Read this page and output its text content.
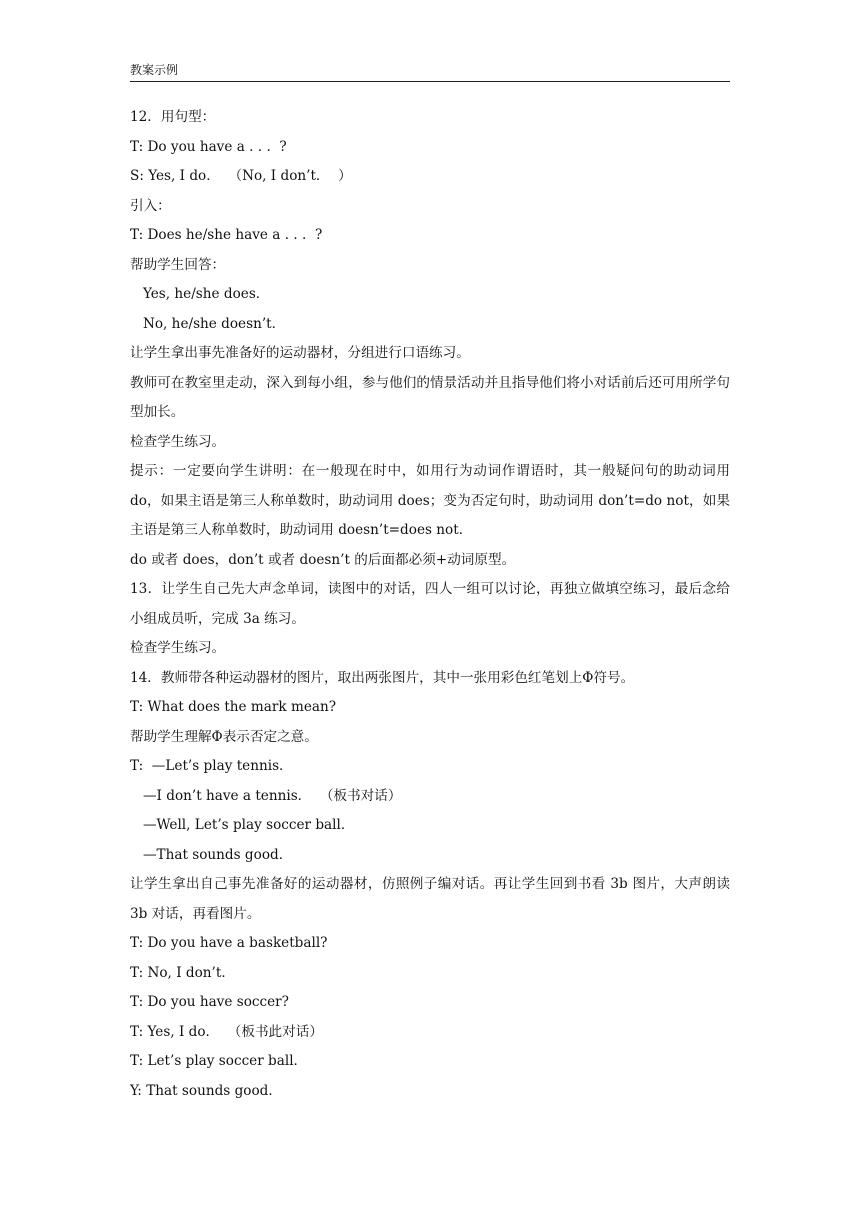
教案示例
12．用句型：
T: Do you have a . . .  ?
S: Yes, I do．  （No, I don’t．  ）
引入：
T: Does he/she have a . . .  ?
帮助学生回答：
Yes, he/she does．
No, he/she doesn’t．
让学生拿出事先准备好的运动器材，分组进行口语练习。
教师可在教室里走动，深入到每小组，参与他们的情景活动并且指导他们将小对话前后还可用所学句型加长。
检查学生练习。
提示：一定要向学生讲明：在一般现在时中，如用行为动词作谓语时，其一般疑问句的助动词用 do，如果主语是第三人称单数时，助动词用 does；变为否定句时，助动词用 don’t=do not，如果主语是第三人称单数时，助动词用 doesn’t=does not．
do 或者 does，don’t 或者 doesn’t 的后面都必须+动词原型。
13．让学生自己先大声念单词，读图中的对话，四人一组可以讨论，再独立做填空练习，最后念给小组成员听，完成 3a 练习。
检查学生练习。
14．教师带各种运动器材的图片，取出两张图片，其中一张用彩色红笔划上Φ符号。
T: What does the mark mean?
帮助学生理解Φ表示否定之意。
T:  —Let’s play tennis．
—I don’t have a tennis．  （板书对话）
—Well, Let’s play soccer ball．
—That sounds good．
让学生拿出自己事先准备好的运动器材，仿照例子编对话。再让学生回到书看 3b 图片，大声朗读 3b 对话，再看图片。
T: Do you have a basketball?
T: No, I don’t．
T: Do you have soccer?
T: Yes, I do．  （板书此对话）
T: Let’s play soccer ball．
Y: That sounds good．
